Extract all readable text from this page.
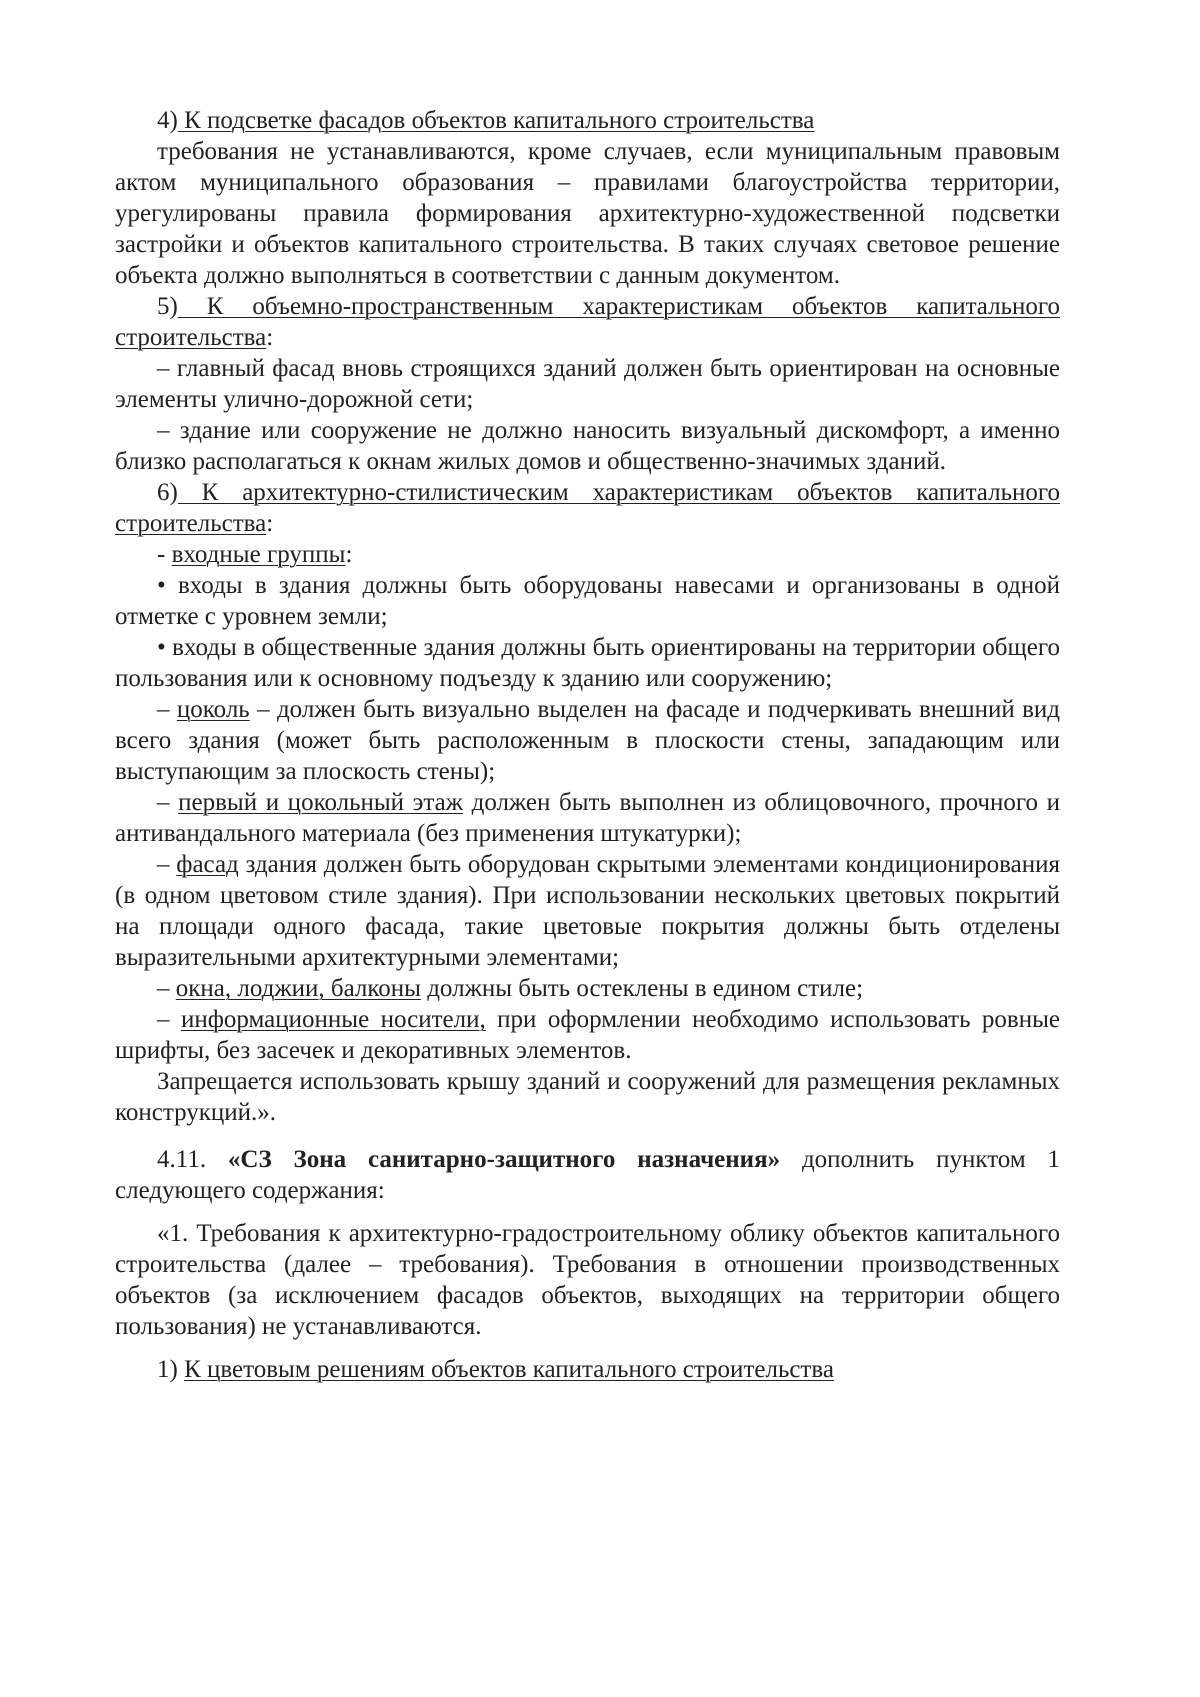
4) К подсветке фасадов объектов капитального строительства

требования не устанавливаются, кроме случаев, если муниципальным правовым актом муниципального образования – правилами благоустройства территории, урегулированы правила формирования архитектурно-художественной подсветки застройки и объектов капитального строительства. В таких случаях световое решение объекта должно выполняться в соответствии с данным документом.

5) К объемно-пространственным характеристикам объектов капитального строительства:

– главный фасад вновь строящихся зданий должен быть ориентирован на основные элементы улично-дорожной сети;

– здание или сооружение не должно наносить визуальный дискомфорт, а именно близко располагаться к окнам жилых домов и общественно-значимых зданий.

6) К архитектурно-стилистическим характеристикам объектов капитального строительства:

- входные группы:

• входы в здания должны быть оборудованы навесами и организованы в одной отметке с уровнем земли;

• входы в общественные здания должны быть ориентированы на территории общего пользования или к основному подъезду к зданию или сооружению;

– цоколь – должен быть визуально выделен на фасаде и подчеркивать внешний вид всего здания (может быть расположенным в плоскости стены, западающим или выступающим за плоскость стены);

– первый и цокольный этаж должен быть выполнен из облицовочного, прочного и антивандального материала (без применения штукатурки);

– фасад здания должен быть оборудован скрытыми элементами кондиционирования (в одном цветовом стиле здания). При использовании нескольких цветовых покрытий на площади одного фасада, такие цветовые покрытия должны быть отделены выразительными архитектурными элементами;

– окна, лоджии, балконы должны быть остеклены в едином стиле;

– информационные носители, при оформлении необходимо использовать ровные шрифты, без засечек и декоративных элементов.

Запрещается использовать крышу зданий и сооружений для размещения рекламных конструкций.».

4.11. «СЗ Зона санитарно-защитного назначения» дополнить пунктом 1 следующего содержания:

«1. Требования к архитектурно-градостроительному облику объектов капитального строительства (далее – требования). Требования в отношении производственных объектов (за исключением фасадов объектов, выходящих на территории общего пользования) не устанавливаются.

1) К цветовым решениям объектов капитального строительства
